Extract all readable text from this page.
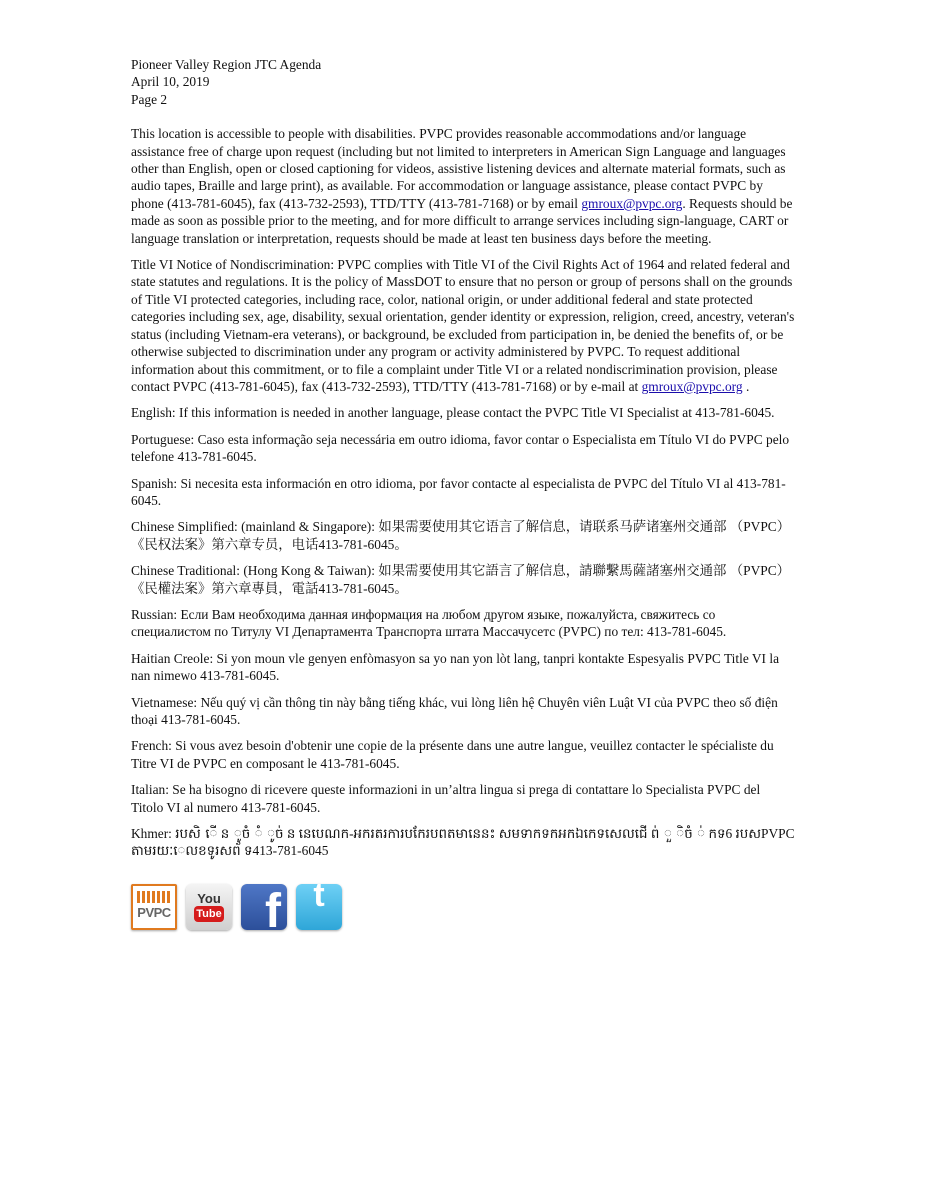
Pioneer Valley Region JTC Agenda
April 10, 2019
Page 2

This location is accessible to people with disabilities. PVPC provides reasonable accommodations and/or language assistance free of charge upon request (including but not limited to interpreters in American Sign Language and languages other than English, open or closed captioning for videos, assistive listening devices and alternate material formats, such as audio tapes, Braille and large print), as available. For accommodation or language assistance, please contact PVPC by phone (413-781-6045), fax (413-732-2593), TTD/TTY (413-781-7168) or by email gmroux@pvpc.org. Requests should be made as soon as possible prior to the meeting, and for more difficult to arrange services including sign-language, CART or language translation or interpretation, requests should be made at least ten business days before the meeting.

Title VI Notice of Nondiscrimination: PVPC complies with Title VI of the Civil Rights Act of 1964 and related federal and state statutes and regulations. It is the policy of MassDOT to ensure that no person or group of persons shall on the grounds of Title VI protected categories, including race, color, national origin, or under additional federal and state protected categories including sex, age, disability, sexual orientation, gender identity or expression, religion, creed, ancestry, veteran's status (including Vietnam-era veterans), or background, be excluded from participation in, be denied the benefits of, or be otherwise subjected to discrimination under any program or activity administered by PVPC. To request additional information about this commitment, or to file a complaint under Title VI or a related nondiscrimination provision, please contact PVPC (413-781-6045), fax (413-732-2593), TTD/TTY (413-781-7168) or by e-mail at gmroux@pvpc.org .

English: If this information is needed in another language, please contact the PVPC Title VI Specialist at 413-781-6045.

Portuguese: Caso esta informação seja necessária em outro idioma, favor contar o Especialista em Título VI do PVPC pelo telefone 413-781-6045.

Spanish: Si necesita esta información en otro idioma, por favor contacte al especialista de PVPC del Título VI al 413-781-6045.

Chinese Simplified: (mainland & Singapore): 如果需要使用其它语言了解信息，请联系马萨诸塞州交通部 （PVPC）《民权法案》第六章专员，电话413-781-6045。

Chinese Traditional: (Hong Kong & Taiwan): 如果需要使用其它語言了解信息，請聯繫馬薩諸塞州交通部 （PVPC）《民權法案》第六章專員，電話413-781-6045。

Russian: Если Вам необходима данная информация на любом другом языке, пожалуйста, свяжитесь со специалистом по Титулу VI Департамента Транспорта штата Массачусетс (PVPC) по тел: 413-781-6045.

Haitian Creole: Si yon moun vle genyen enfòmasyon sa yo nan yon lòt lang, tanpri kontakte Espesyalis PVPC Title VI la nan nimewo 413-781-6045.

Vietnamese: Nếu quý vị cần thông tin này bằng tiếng khác, vui lòng liên hệ Chuyên viên Luật VI của PVPC theo số điện thoại 413-781-6045.

French: Si vous avez besoin d'obtenir une copie de la présente dans une autre langue, veuillez contacter le spécialiste du Titre VI de PVPC en composant le 413-781-6045.

Italian: Se ha bisogno di ricevere queste informazioni in un’altra lingua si prega di contattare lo Specialista PVPC del Titolo VI al numero 413-781-6045.

Khmer: របសិ ើ ន ូចំ ំ ូច់ ន នេបេណក-អករតរការបកែរបពតមានេនះ សមទាកទកអកឯកេទសេលជើ ព់ ួ ិចំ ់ កទ6 របសPVPC តាមរយៈេលខទូរសព័ ទ413-781-6045

PVPC
You
Tube f t
